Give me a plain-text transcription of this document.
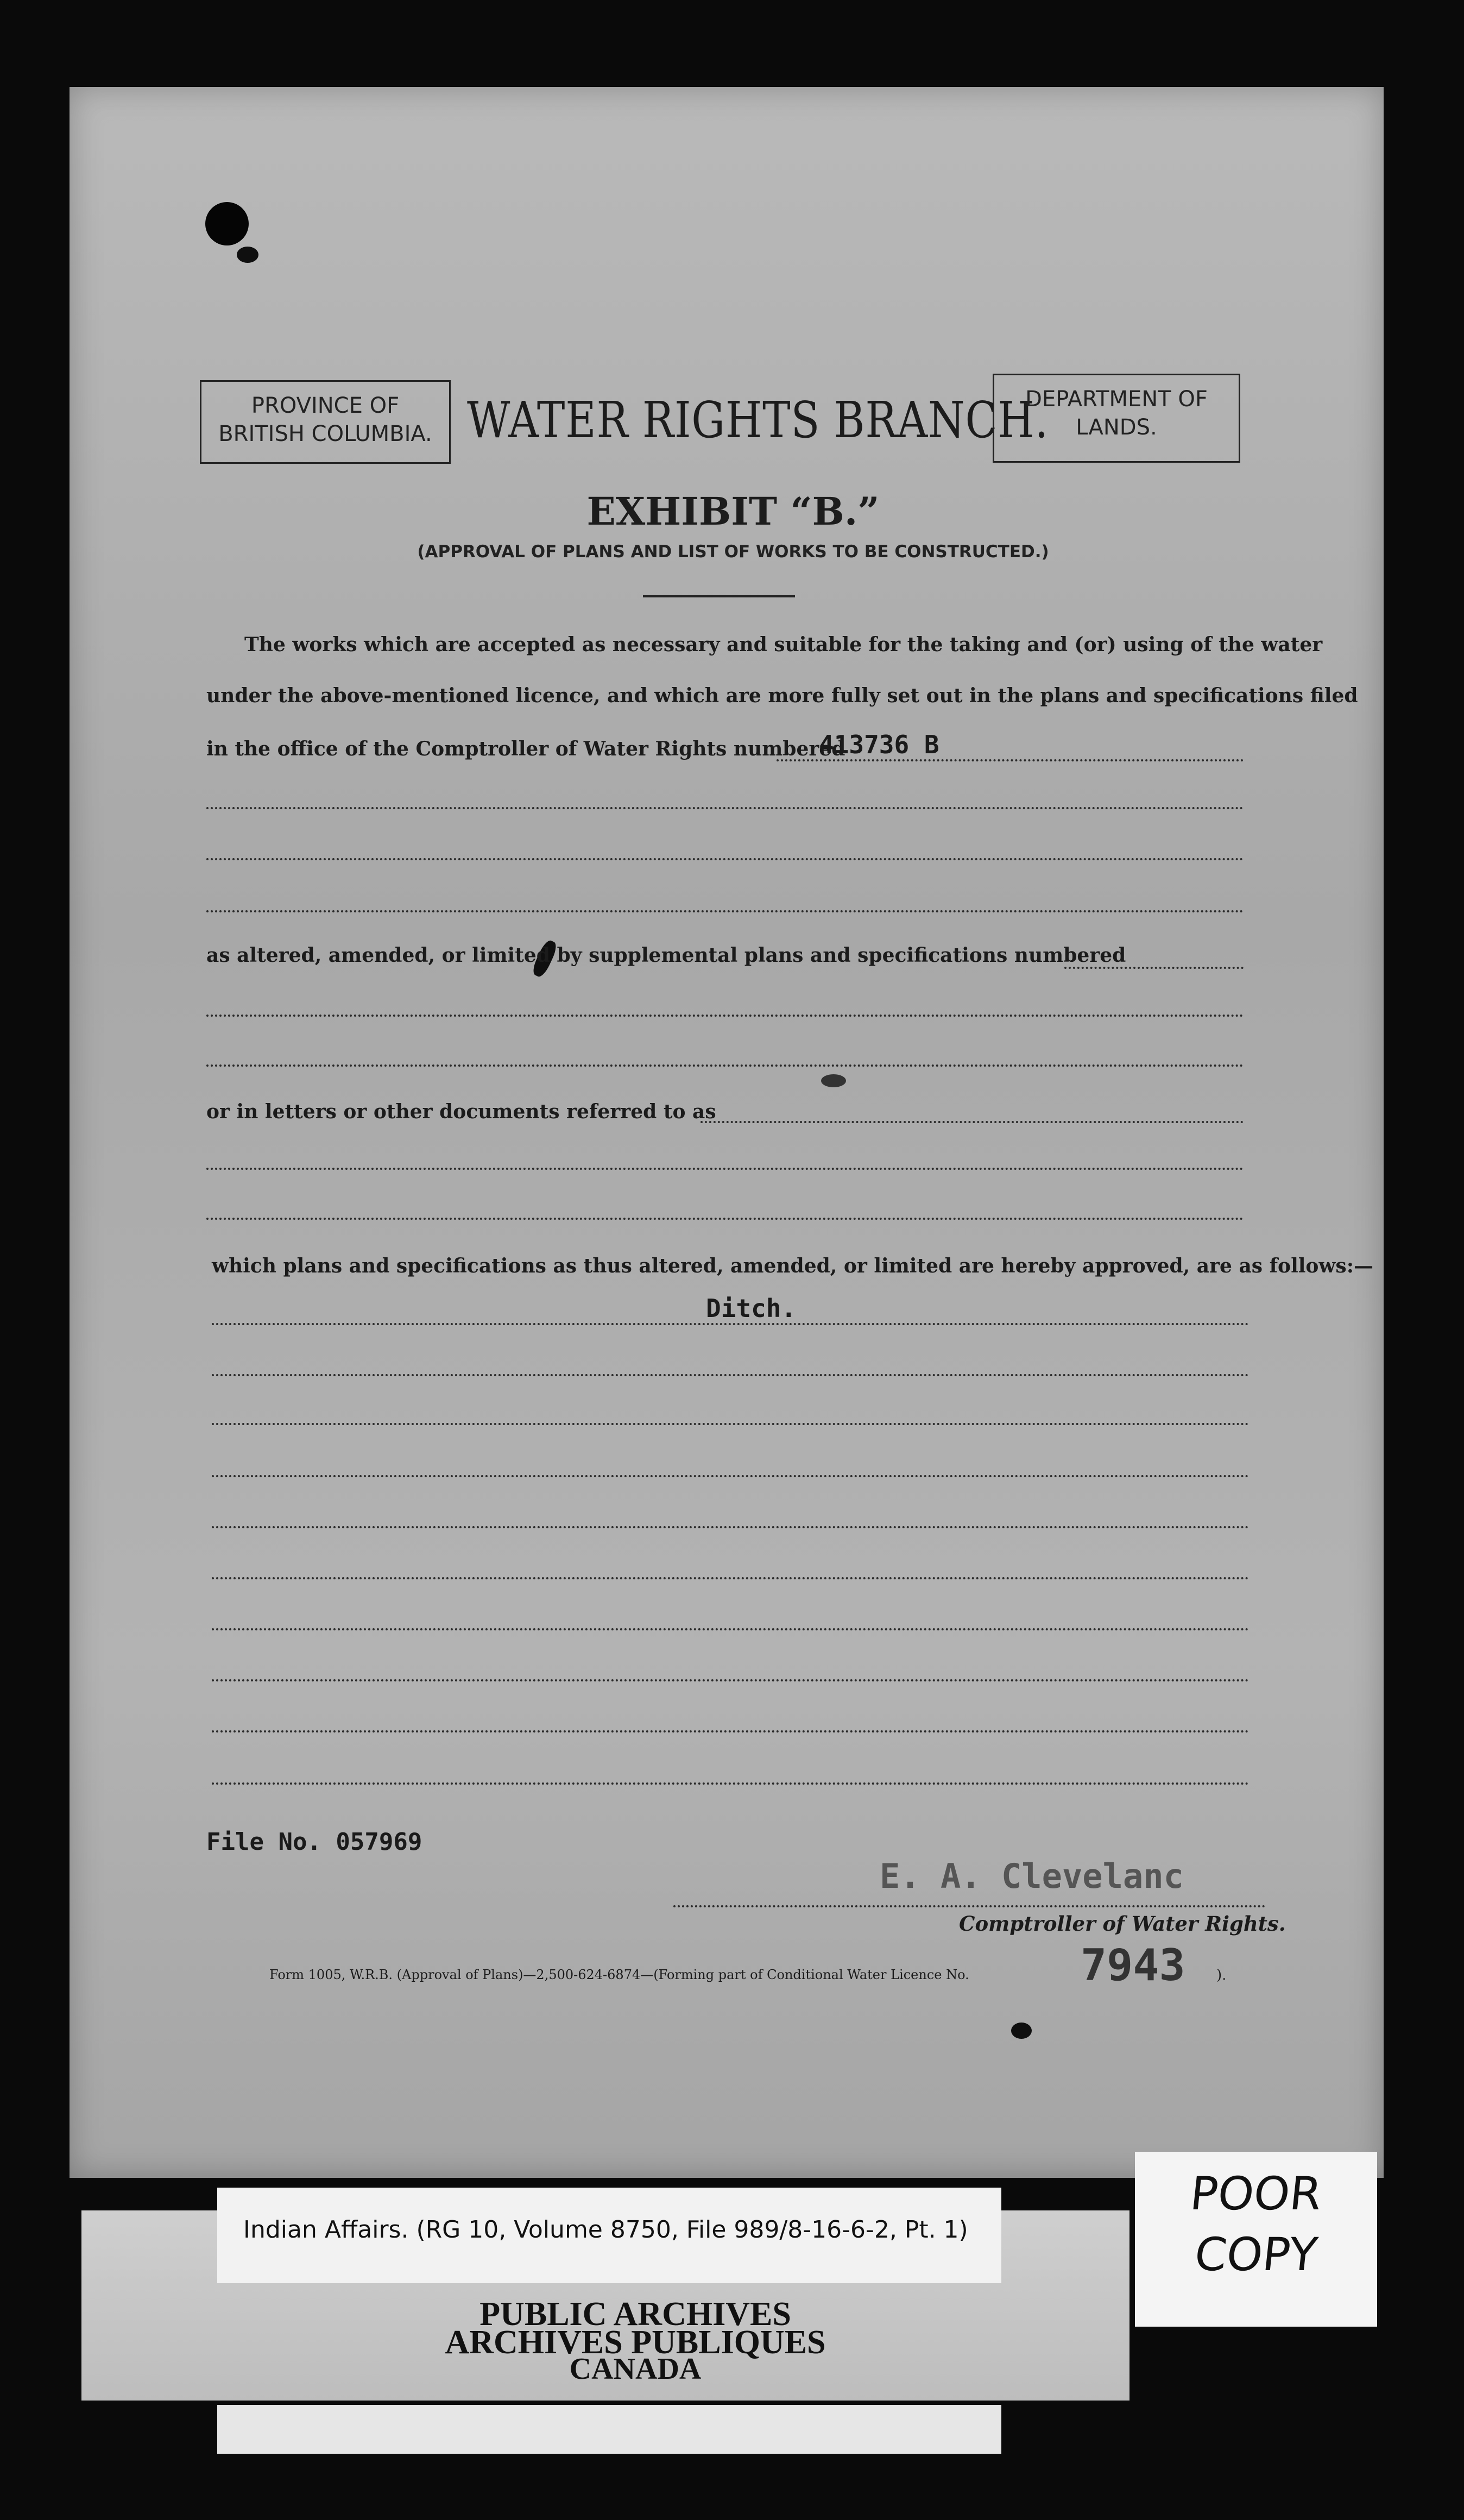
PROVINCE OF
BRITISH COLUMBIA. WATER RIGHTS BRANCH.
DEPARTMENT OF
LANDS.
EXHIBIT “B.”
(APPROVAL OF PLANS AND LIST OF WORKS TO BE CONSTRUCTED.)
The works which are accepted as necessary and suitable for the taking and (or) using of the water
under the above-mentioned licence, and which are more fully set out in the plans and specifications filed
in the office of the Comptroller of Water Rights numbered
413736 B
as altered, amended, or limited by supplemental plans and specifications numbered
or in letters or other documents referred to as
which plans and specifications as thus altered, amended, or limited are hereby approved, are as follows:—
Ditch.
File No. 057969
E. A. Clevelanc
Comptroller of Water Rights.
Form 1005, W.R.B. (Approval of Plans)—2,500-624-6874—(Forming part of Conditional Water Licence No.	7943 ).
Indian Affairs. (RG 10, Volume 8750, File 989/8-16-6-2, Pt. 1)
PUBLIC ARCHIVES
ARCHIVES PUBLIQUES
CANADA
POOR
COPY
